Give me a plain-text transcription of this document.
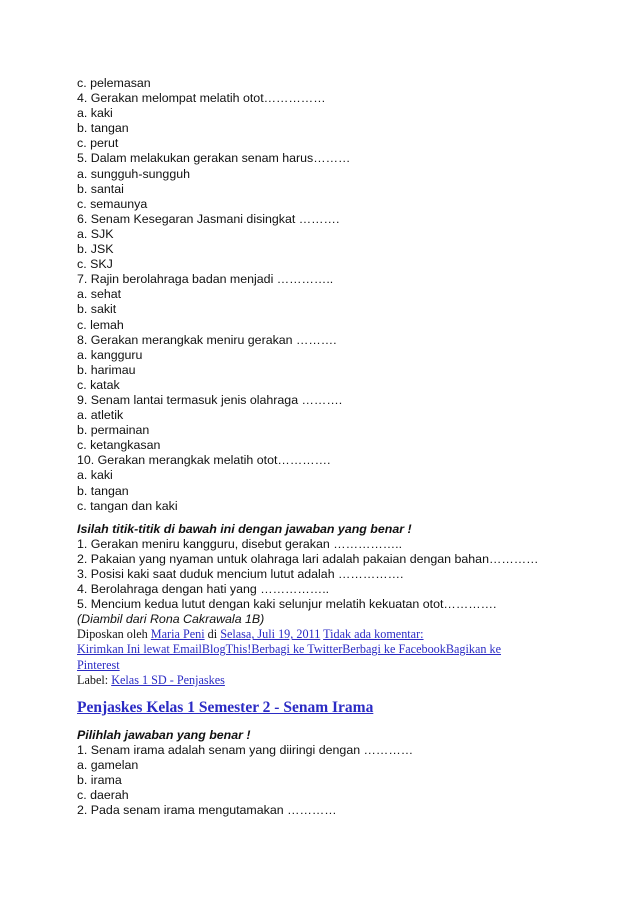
c. pelemasan
4. Gerakan melompat melatih otot……………
a. kaki
b. tangan
c. perut
5. Dalam melakukan gerakan senam harus………
a. sungguh-sungguh
b. santai
c. semaunya
6. Senam Kesegaran Jasmani disingkat ……….
a. SJK
b. JSK
c. SKJ
7. Rajin berolahraga badan menjadi …………..
a. sehat
b. sakit
c. lemah
8. Gerakan merangkak meniru gerakan ……….
a. kangguru
b. harimau
c. katak
9. Senam lantai termasuk jenis olahraga ……….
a. atletik
b. permainan
c. ketangkasan
10. Gerakan merangkak melatih otot………….
a. kaki
b. tangan
c. tangan dan kaki
Isilah titik-titik di bawah ini dengan jawaban yang benar !
1. Gerakan meniru kangguru, disebut gerakan ……………..
2. Pakaian yang nyaman untuk olahraga lari adalah pakaian dengan bahan…………
3. Posisi kaki saat duduk mencium lutut adalah …………….
4. Berolahraga dengan hati yang ……………..
5. Mencium kedua lutut dengan kaki selunjur melatih kekuatan otot………….
(Diambil dari Rona Cakrawala 1B)
Diposkan oleh Maria Peni di Selasa, Juli 19, 2011 Tidak ada komentar:
Kirimkan Ini lewat EmailBlogThis!Berbagi ke TwitterBerbagi ke FacebookBagikan ke
Pinterest
Label: Kelas 1 SD - Penjaskes
Penjaskes Kelas 1 Semester 2 - Senam Irama
Pilihlah jawaban yang benar !
1. Senam irama adalah senam yang diiringi dengan …………
a. gamelan
b. irama
c. daerah
2. Pada senam irama mengutamakan …………
